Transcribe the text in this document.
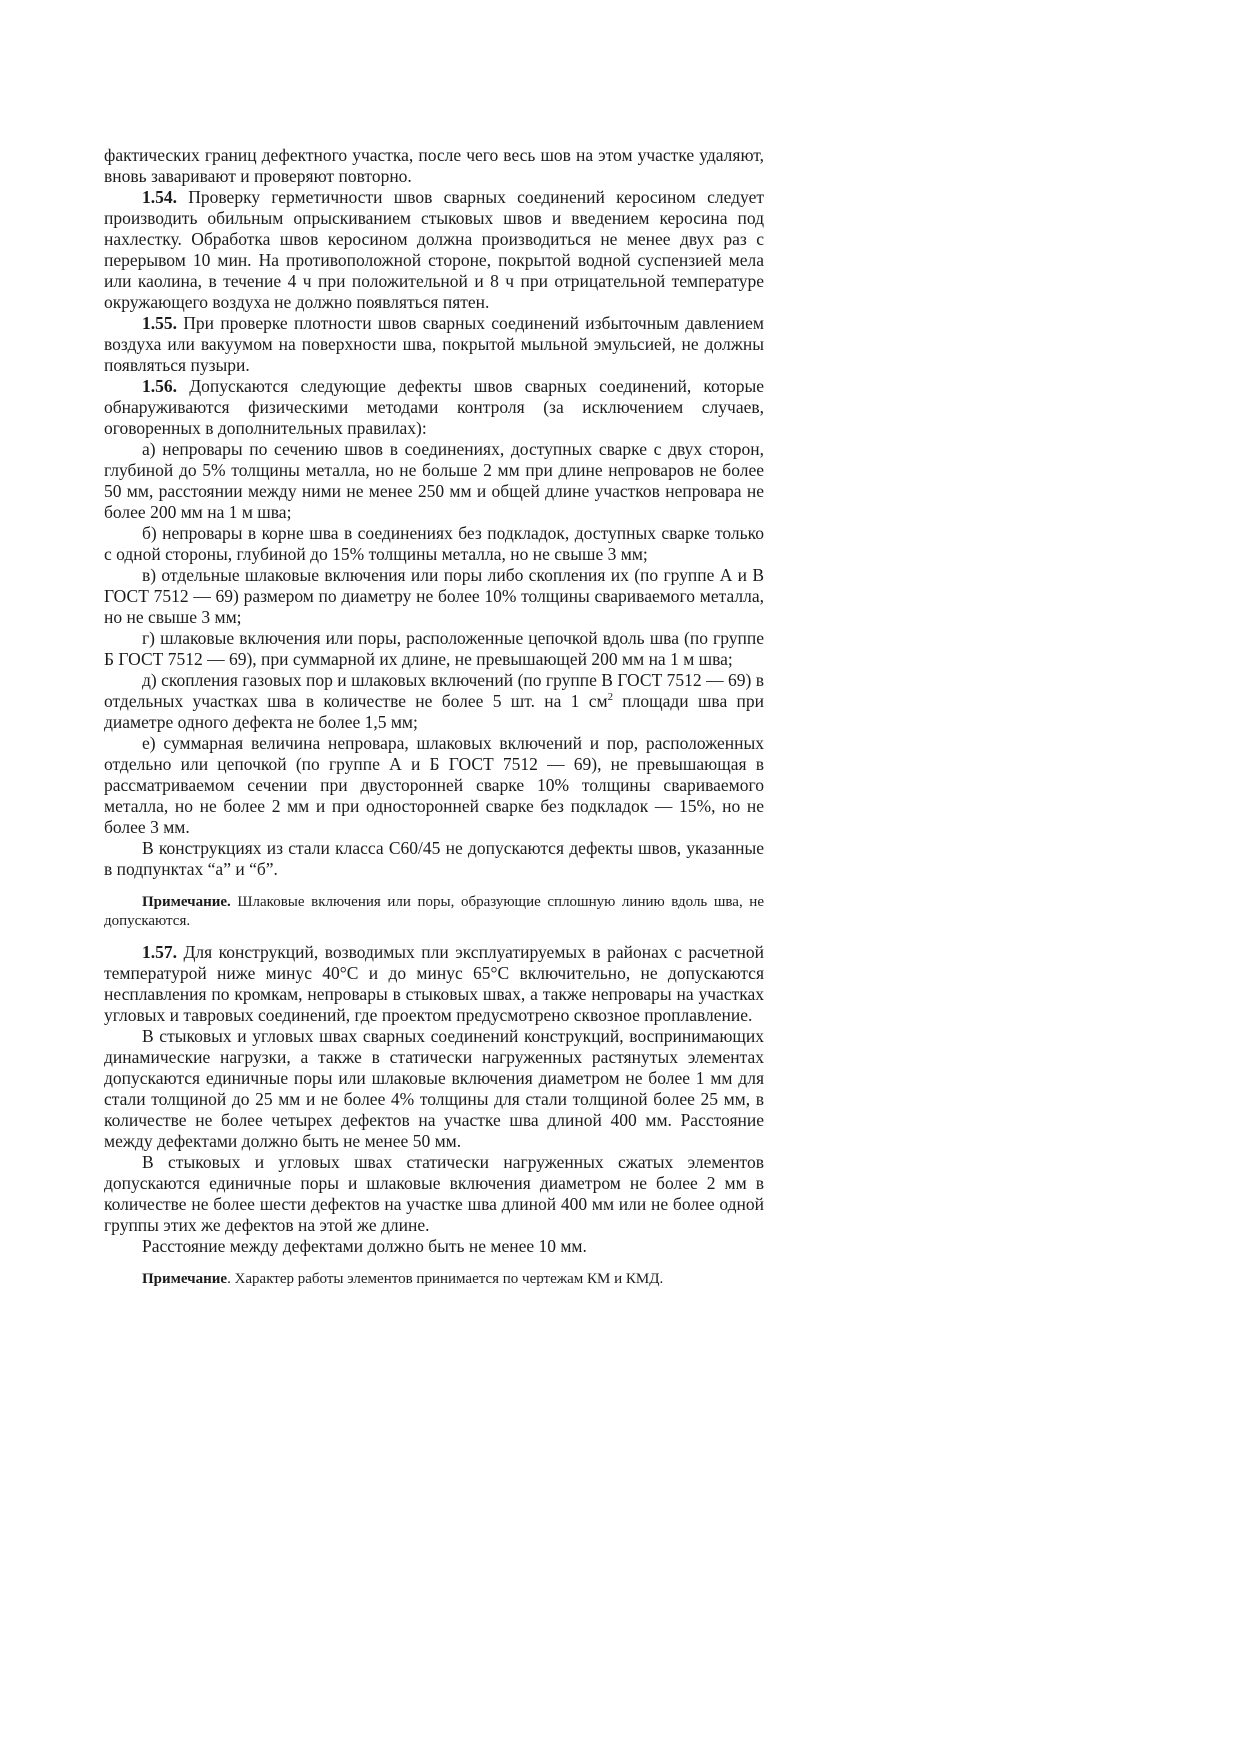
фактических границ дефектного участка, после чего весь шов на этом участке удаляют, вновь заваривают и проверяют повторно.

1.54. Проверку герметичности швов сварных соединений керосином следует производить обильным опрыскиванием стыковых швов и введением керосина под нахлестку. Обработка швов керосином должна производиться не менее двух раз с перерывом 10 мин. На противоположной стороне, покрытой водной суспензией мела или каолина, в течение 4 ч при положительной и 8 ч при отрицательной температуре окружающего воздуха не должно появляться пятен.

1.55. При проверке плотности швов сварных соединений избыточным давлением воздуха или вакуумом на поверхности шва, покрытой мыльной эмульсией, не должны появляться пузыри.

1.56. Допускаются следующие дефекты швов сварных соединений, которые обнаруживаются физическими методами контроля (за исключением случаев, оговоренных в дополнительных правилах):

а) непровары по сечению швов в соединениях, доступных сварке с двух сторон, глубиной до 5% толщины металла, но не больше 2 мм при длине непроваров не более 50 мм, расстоянии между ними не менее 250 мм и общей длине участков непровара не более 200 мм на 1 м шва;

б) непровары в корне шва в соединениях без подкладок, доступных сварке только с одной стороны, глубиной до 15% толщины металла, но не свыше 3 мм;

в) отдельные шлаковые включения или поры либо скопления их (по группе А и В ГОСТ 7512 — 69) размером по диаметру не более 10% толщины свариваемого металла, но не свыше 3 мм;

г) шлаковые включения или поры, расположенные цепочкой вдоль шва (по группе Б ГОСТ 7512 — 69), при суммарной их длине, не превышающей 200 мм на 1 м шва;

д) скопления газовых пор и шлаковых включений (по группе В ГОСТ 7512 — 69) в отдельных участках шва в количестве не более 5 шт. на 1 $см^2$ площади шва при диаметре одного дефекта не более 1,5 мм;

е) суммарная величина непровара, шлаковых включений и пор, расположенных отдельно или цепочкой (по группе А и Б ГОСТ 7512 — 69), не превышающая в рассматриваемом сечении при двусторонней сварке 10% толщины свариваемого металла, но не более 2 мм и при односторонней сварке без подкладок — 15%, но не более 3 мм.

В конструкциях из стали класса С60/45 не допускаются дефекты швов, указанные в подпунктах “а” и “б”.

Примечание. Шлаковые включения или поры, образующие сплошную линию вдоль шва, не допускаются.

1.57. Для конструкций, возводимых пли эксплуатируемых в районах с расчетной температурой ниже минус 40°С и до минус 65°С включительно, не допускаются несплавления по кромкам, непровары в стыковых швах, а также непровары на участках угловых и тавровых соединений, где проектом предусмотрено сквозное проплавление.

В стыковых и угловых швах сварных соединений конструкций, воспринимающих динамические нагрузки, а также в статически нагруженных растянутых элементах допускаются единичные поры или шлаковые включения диаметром не более 1 мм для стали толщиной до 25 мм и не более 4% толщины для стали толщиной более 25 мм, в количестве не более четырех дефектов на участке шва длиной 400 мм. Расстояние между дефектами должно быть не менее 50 мм.

В стыковых и угловых швах статически нагруженных сжатых элементов допускаются единичные поры и шлаковые включения диаметром не более 2 мм в количестве не более шести дефектов на участке шва длиной 400 мм или не более одной группы этих же дефектов на этой же длине.

Расстояние между дефектами должно быть не менее 10 мм.

Примечание. Характер работы элементов принимается по чертежам КМ и КМД.
